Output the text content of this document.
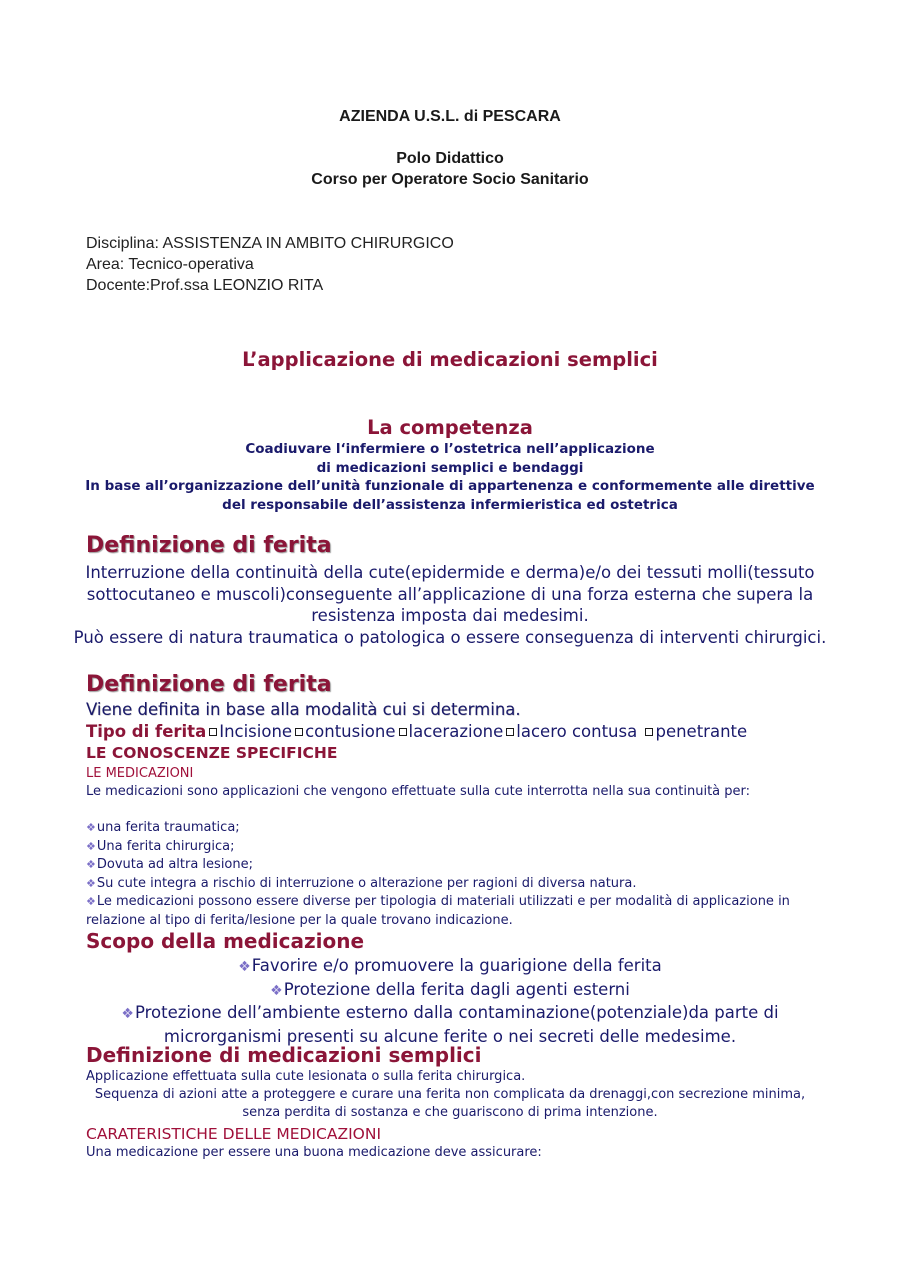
AZIENDA U.S.L. di PESCARA
Polo Didattico
Corso per Operatore Socio Sanitario
Disciplina: ASSISTENZA IN AMBITO CHIRURGICO
Area: Tecnico-operativa
Docente:Prof.ssa LEONZIO RITA
L’applicazione di medicazioni semplici
La competenza
Coadiuvare l‘infermiere o l’ostetrica nell’applicazione
di medicazioni semplici e bendaggi
In base all’organizzazione dell’unità funzionale di appartenenza e conformemente alle direttive
del responsabile dell’assistenza infermieristica ed ostetrica
Definizione di ferita
Interruzione della continuità della cute(epidermide e derma)e/o dei tessuti molli(tessuto
sottocutaneo e muscoli)conseguente all’applicazione di una forza esterna che supera la
resistenza imposta dai medesimi.
Può essere di natura traumatica o patologica o essere conseguenza di interventi chirurgici.
Definizione di ferita
Viene definita in base alla modalità cui si determina.
Tipo di ferita Incisione contusione lacerazione lacero contusa penetrante
LE CONOSCENZE SPECIFICHE
LE MEDICAZIONI
Le medicazioni sono applicazioni che vengono effettuate sulla cute interrotta nella sua continuità per:
❖una ferita traumatica;
❖Una ferita chirurgica;
❖Dovuta ad altra lesione;
❖Su cute integra a rischio di interruzione o alterazione per ragioni di diversa natura.
❖Le medicazioni possono essere diverse per tipologia di materiali utilizzati e per modalità di applicazione in
relazione al tipo di ferita/lesione per la quale trovano indicazione.
Scopo della medicazione
❖Favorire e/o promuovere la guarigione della ferita
❖Protezione della ferita dagli agenti esterni
❖Protezione dell’ambiente esterno dalla contaminazione(potenziale)da parte di
microrganismi presenti su alcune ferite o nei secreti delle medesime.
Definizione di medicazioni semplici
Applicazione effettuata sulla cute lesionata o sulla ferita chirurgica.
Sequenza di azioni atte a proteggere e curare una ferita non complicata da drenaggi,con secrezione minima,
senza perdita di sostanza e che guariscono di prima intenzione.
CARATERISTICHE DELLE MEDICAZIONI
Una medicazione per essere una buona medicazione deve assicurare:
